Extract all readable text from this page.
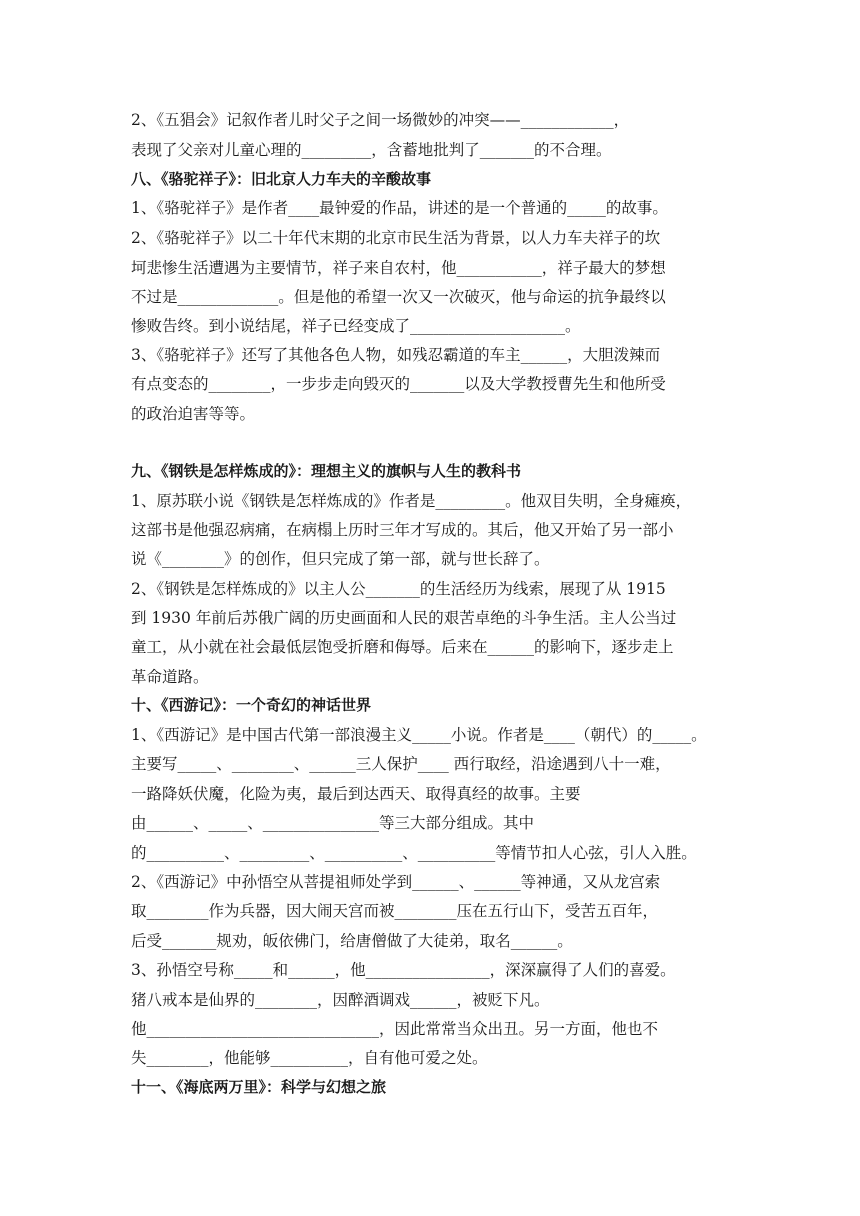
2、《五猖会》记叙作者儿时父子之间一场微妙的冲突——____________，
表现了父亲对儿童心理的_________，含蓄地批判了_______的不合理。
八、《骆驼祥子》：旧北京人力车夫的辛酸故事
1、《骆驼祥子》是作者____最钟爱的作品，讲述的是一个普通的_____的故事。
2、《骆驼祥子》以二十年代末期的北京市民生活为背景，以人力车夫祥子的坎
坷悲惨生活遭遇为主要情节，祥子来自农村，他___________，祥子最大的梦想
不过是_____________。但是他的希望一次又一次破灭，他与命运的抗争最终以
惨败告终。到小说结尾，祥子已经变成了____________________。
3、《骆驼祥子》还写了其他各色人物，如残忍霸道的车主______，大胆泼辣而
有点变态的________，一步步走向毁灭的_______以及大学教授曹先生和他所受
的政治迫害等等。
九、《钢铁是怎样炼成的》：理想主义的旗帜与人生的教科书
1、原苏联小说《钢铁是怎样炼成的》作者是_________。他双目失明，全身瘫痪，
这部书是他强忍病痛，在病榻上历时三年才写成的。其后，他又开始了另一部小
说《________》的创作，但只完成了第一部，就与世长辞了。
2、《钢铁是怎样炼成的》以主人公_______的生活经历为线索，展现了从 1915
到 1930 年前后苏俄广阔的历史画面和人民的艰苦卓绝的斗争生活。主人公当过
童工，从小就在社会最低层饱受折磨和侮辱。后来在______的影响下，逐步走上
革命道路。
十、《西游记》：一个奇幻的神话世界
1、《西游记》是中国古代第一部浪漫主义_____小说。作者是____（朝代）的_____。
主要写_____、________、______三人保护____ 西行取经，沿途遇到八十一难，
一路降妖伏魔，化险为夷，最后到达西天、取得真经的故事。主要
由______、_____、_______________等三大部分组成。其中
的__________、_________、__________、__________等情节扣人心弦，引人入胜。
2、《西游记》中孙悟空从菩提祖师处学到______、______等神通，又从龙宫索
取________作为兵器，因大闹天宫而被________压在五行山下，受苦五百年，
后受_______规劝，皈依佛门，给唐僧做了大徒弟，取名______。
3、孙悟空号称_____和______，他________________，深深赢得了人们的喜爱。
猪八戒本是仙界的________，因醉酒调戏______，被贬下凡。
他______________________________，因此常常当众出丑。另一方面，他也不
失________，他能够__________，自有他可爱之处。
十一、《海底两万里》：科学与幻想之旅
